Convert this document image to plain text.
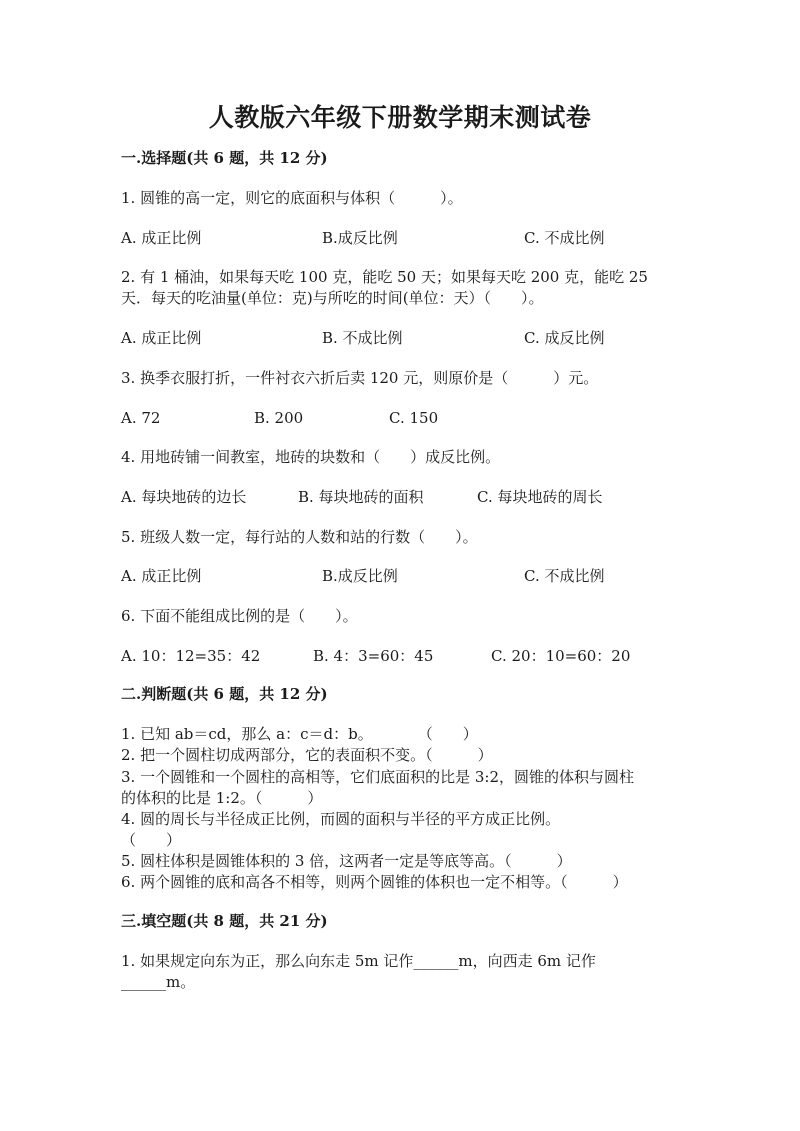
人教版六年级下册数学期末测试卷
一.选择题(共 6 题，共 12 分)
1. 圆锥的高一定，则它的底面积与体积（　　　）。
A. 成正比例	B.成反比例	C. 不成比例
2. 有 1 桶油，如果每天吃 100 克，能吃 50 天；如果每天吃 200 克，能吃 25
天．每天的吃油量(单位：克)与所吃的时间(单位：天）（　　）。
A. 成正比例	B. 不成比例	C. 成反比例
3. 换季衣服打折，一件衬衣六折后卖 120 元，则原价是（　　　）元。
A. 72	B. 200	C. 150
4. 用地砖铺一间教室，地砖的块数和（　　）成反比例。
A. 每块地砖的边长	B. 每块地砖的面积	C. 每块地砖的周长
5. 班级人数一定，每行站的人数和站的行数（　　）。
A. 成正比例	B.成反比例	C. 不成比例
6. 下面不能组成比例的是（　　）。
A. 10：12=35：42	B. 4：3=60：45	C. 20：10=60：20
二.判断题(共 6 题，共 12 分)
1. 已知 ab＝cd，那么 a：c＝d：b。　　　　（　　）
2. 把一个圆柱切成两部分，它的表面积不变。（　　　）
3. 一个圆锥和一个圆柱的高相等，它们底面积的比是 3:2，圆锥的体积与圆柱
的体积的比是 1:2。（　　　）
4. 圆的周长与半径成正比例，而圆的面积与半径的平方成正比例。
（　　）
5. 圆柱体积是圆锥体积的 3 倍，这两者一定是等底等高。（　　　）
6. 两个圆锥的底和高各不相等，则两个圆锥的体积也一定不相等。（　　　）
三.填空题(共 8 题，共 21 分)
1. 如果规定向东为正，那么向东走 5m 记作______m，向西走 6m 记作
______m。
